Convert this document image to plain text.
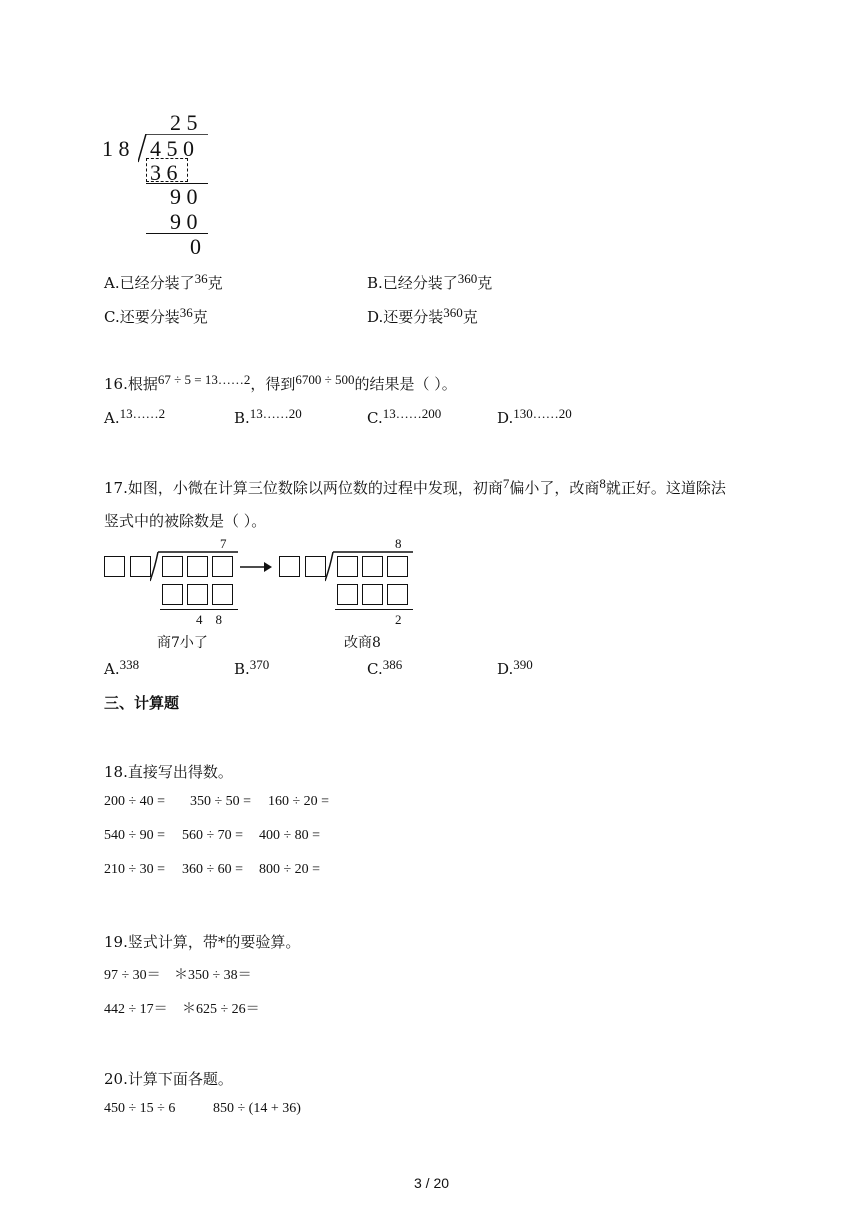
2 5
1 8 4 5 0
3 6
9 0
9 0
0
A.已经分装了36克	B.已经分装了360克
C.还要分装36克	D.还要分装360克
16.根据67 ÷ 5 = 13……2，得到6700 ÷ 500的结果是（ ）。
A.13……2	B.13……20	C.13……200	D.130……20
17.如图，小微在计算三位数除以两位数的过程中发现，初商7偏小了，改商8就正好。这道除法
竖式中的被除数是（ ）。
7
4    8
商7小了
8
2
改商8
A.338	B.370	C.386	D.390
三、计算题
18.直接写出得数。
200 ÷ 40 = 350 ÷ 50 = 160 ÷ 20 =
540 ÷ 90 = 560 ÷ 70 = 400 ÷ 80 =
210 ÷ 30 = 360 ÷ 60 = 800 ÷ 20 =
19.竖式计算，带*的要验算。
97 ÷ 30＝ ＊350 ÷ 38＝
442 ÷ 17＝ ＊625 ÷ 26＝
20.计算下面各题。
450 ÷ 15 ÷ 6	850 ÷ (14 + 36)
3 / 20
